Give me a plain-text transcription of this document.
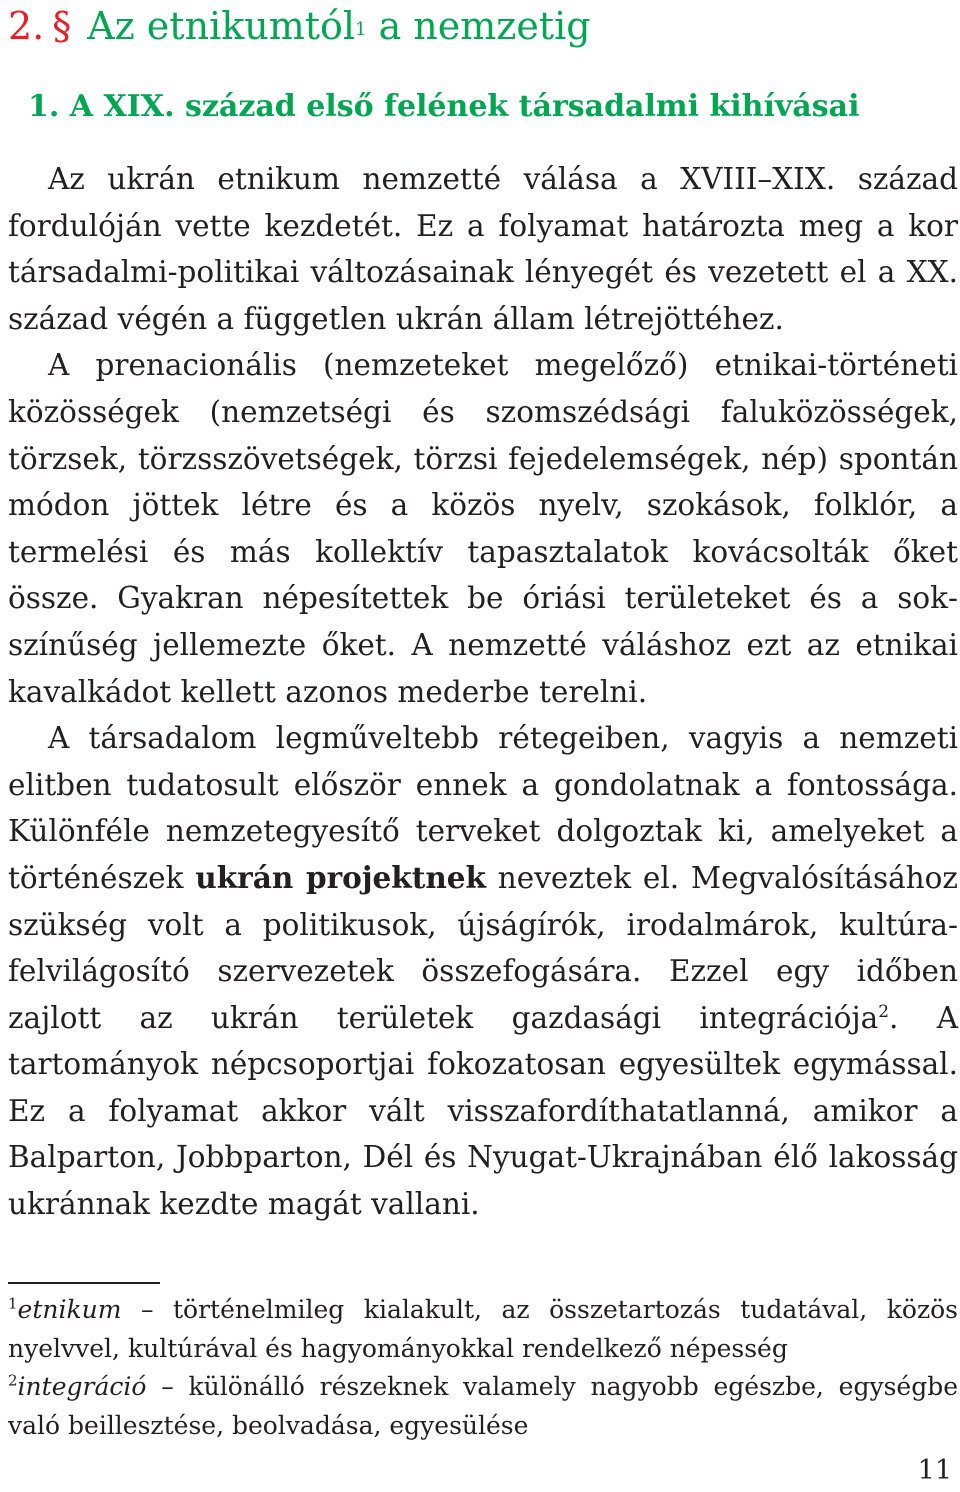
2. § Az etnikumtól$^1$ a nemzetig
1. A XIX. század első felének társadalmi kihívásai

Az ukrán etnikum nemzetté válása a XVIII–XIX. század fordulóján vette kezdetét. Ez a folyamat határozta meg a kor társadalmi-politikai változásainak lényegét és vezetett el a XX. század végén a független ukrán állam létrejöttéhez.

A prenacionális (nemzeteket megelőző) etnikai-történeti közösségek (nemzetségi és szomszédsági faluközösségek, törzsek, törzsszövetségek, törzsi fejedelemségek, nép) spontán módon jöttek létre és a közös nyelv, szokások, folklór, a termelési és más kollektív tapasztalatok kovácsolták őket össze. Gyakran népesítettek be óriási területeket és a sokszínűség jellemezte őket. A nemzetté váláshoz ezt az etnikai kavalkádot kellett azonos mederbe terelni.

A társadalom legműveltebb rétegeiben, vagyis a nemzeti elitben tudatosult először ennek a gondolatnak a fontossága. Különféle nemzetegyesítő terveket dolgoztak ki, amelyeket a történészek ukrán projektnek neveztek el. Megvalósításához szükség volt a politikusok, újságírók, irodalmárok, kultúra-felvilágosító szervezetek összefogására. Ezzel egy időben zajlott az ukrán területek gazdasági integrációja$^2$. A tartományok népcsoportjai fokozatosan egyesültek egymással. Ez a folyamat akkor vált visszafordíthatatlanná, amikor a Balparton, Jobbparton, Dél és Nyugat-Ukrajnában élő lakosság ukránnak kezdte magát vallani.

$^1$etnikum – történelmileg kialakult, az összetartozás tudatával, közös nyelvvel, kultúrával és hagyományokkal rendelkező népesség

$^2$integráció – különálló részeknek valamely nagyobb egészbe, egységbe való beillesztése, beolvadása, egyesülése

11
